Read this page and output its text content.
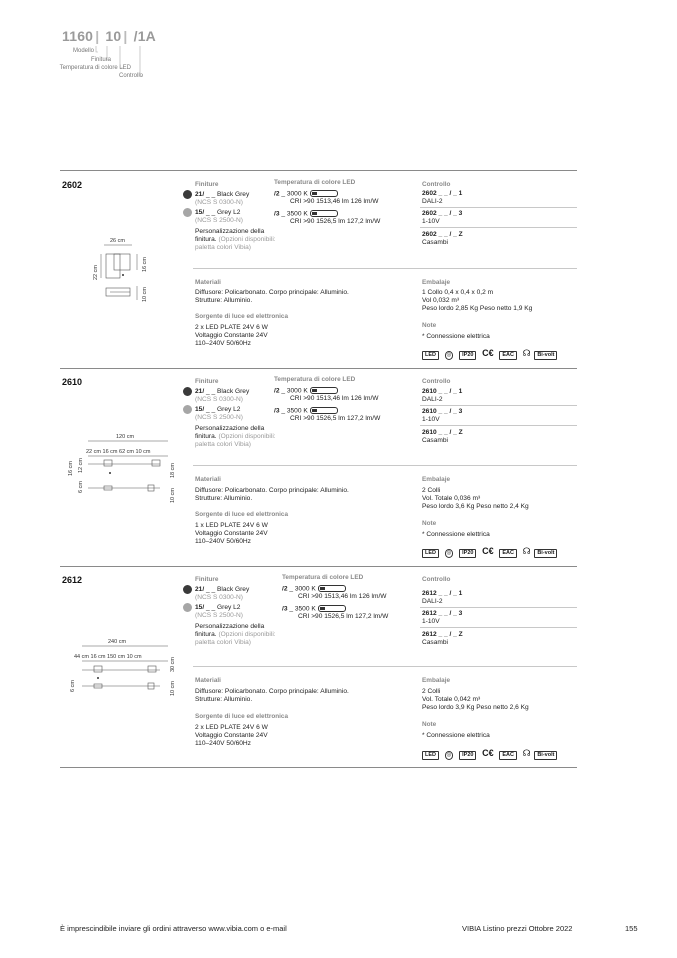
1160 | 10 | /1A
Modello
Finitura
Temperatura di colore LED
Controllo
2602	Finiture	Temperatura di colore LED	Controllo
21/ _ _ Black Grey
(NCS S 0300-N)
15/ _ _ Grey L2
(NCS S 2500-N)
Personalizzazione della
finitura. (Opzioni disponibili:
paletta colori Vibia)
/2 _ 3000 K
CRI >90 1513,46 lm 126 lm/W
/3 _ 3500 K
CRI >90 1526,5 lm 127,2 lm/W
2602 _ _ / _ 1
DALI-2
2602 _ _ / _ 3
1-10V
2602 _ _ / _ Z
Casambi
Materiali
Diffusore: Policarbonato. Corpo principale: Alluminio.
Strutture: Alluminio.
Sorgente di luce ed elettronica
2 x LED PLATE 24V 6 W
Voltaggio Constante 24V
110–240V 50/60Hz
Embalaje
1 Collo 0,4 x 0,4 x 0,2 m
Vol 0,032 m³
Peso lordo 2,85 Kg Peso netto 1,9 Kg
Note
* Connessione elettrica
LED ◎ IP20 C€ EAC ☊ Bi-volt
26 cm
22 cm
16 cm
10 cm
2610	Finiture	Temperatura di colore LED	Controllo
21/ _ _ Black Grey
(NCS S 0300-N)
15/ _ _ Grey L2
(NCS S 2500-N)
Personalizzazione della
finitura. (Opzioni disponibili:
paletta colori Vibia)
/2 _ 3000 K
CRI >90 1513,46 lm 126 lm/W
/3 _ 3500 K
CRI >90 1526,5 lm 127,2 lm/W
2610 _ _ / _ 1
DALI-2
2610 _ _ / _ 3
1-10V
2610 _ _ / _ Z
Casambi
Materiali
Diffusore: Policarbonato. Corpo principale: Alluminio.
Strutture: Alluminio.
Sorgente di luce ed elettronica
1 x LED PLATE 24V 6 W
Voltaggio Constante 24V
110–240V 50/60Hz
Embalaje
2 Colli
Vol. Totale 0,036 m³
Peso lordo 3,6 Kg Peso netto 2,4 Kg
Note
* Connessione elettrica
LED ◎ IP20 C€ EAC ☊ Bi-volt
120 cm
22 cm 16 cm 62 cm 10 cm
16 cm 12 cm
6 cm
18 cm
10 cm
2612	Finiture	Temperatura di colore LED	Controllo
21/ _ _ Black Grey
(NCS S 0300-N)
15/ _ _ Grey L2
(NCS S 2500-N)
Personalizzazione della
finitura. (Opzioni disponibili:
paletta colori Vibia)
/2 _ 3000 K
CRI >90 1513,46 lm 126 lm/W
/3 _ 3500 K
CRI >90 1526,5 lm 127,2 lm/W
2612 _ _ / _ 1
DALI-2
2612 _ _ / _ 3
1-10V
2612 _ _ / _ Z
Casambi
Materiali
Diffusore: Policarbonato. Corpo principale: Alluminio.
Strutture: Alluminio.
Sorgente di luce ed elettronica
2 x LED PLATE 24V 6 W
Voltaggio Constante 24V
110–240V 50/60Hz
Embalaje
2 Colli
Vol. Totale 0,042 m³
Peso lordo 3,9 Kg Peso netto 2,6 Kg
Note
* Connessione elettrica
LED ◎ IP20 C€ EAC ☊ Bi-volt
240 cm
44 cm 16 cm 150 cm 10 cm
6 cm
30 cm
10 cm
È imprescindibile inviare gli ordini attraverso www.vibia.com o e-mail	VIBIA Listino prezzi Ottobre 2022	155
